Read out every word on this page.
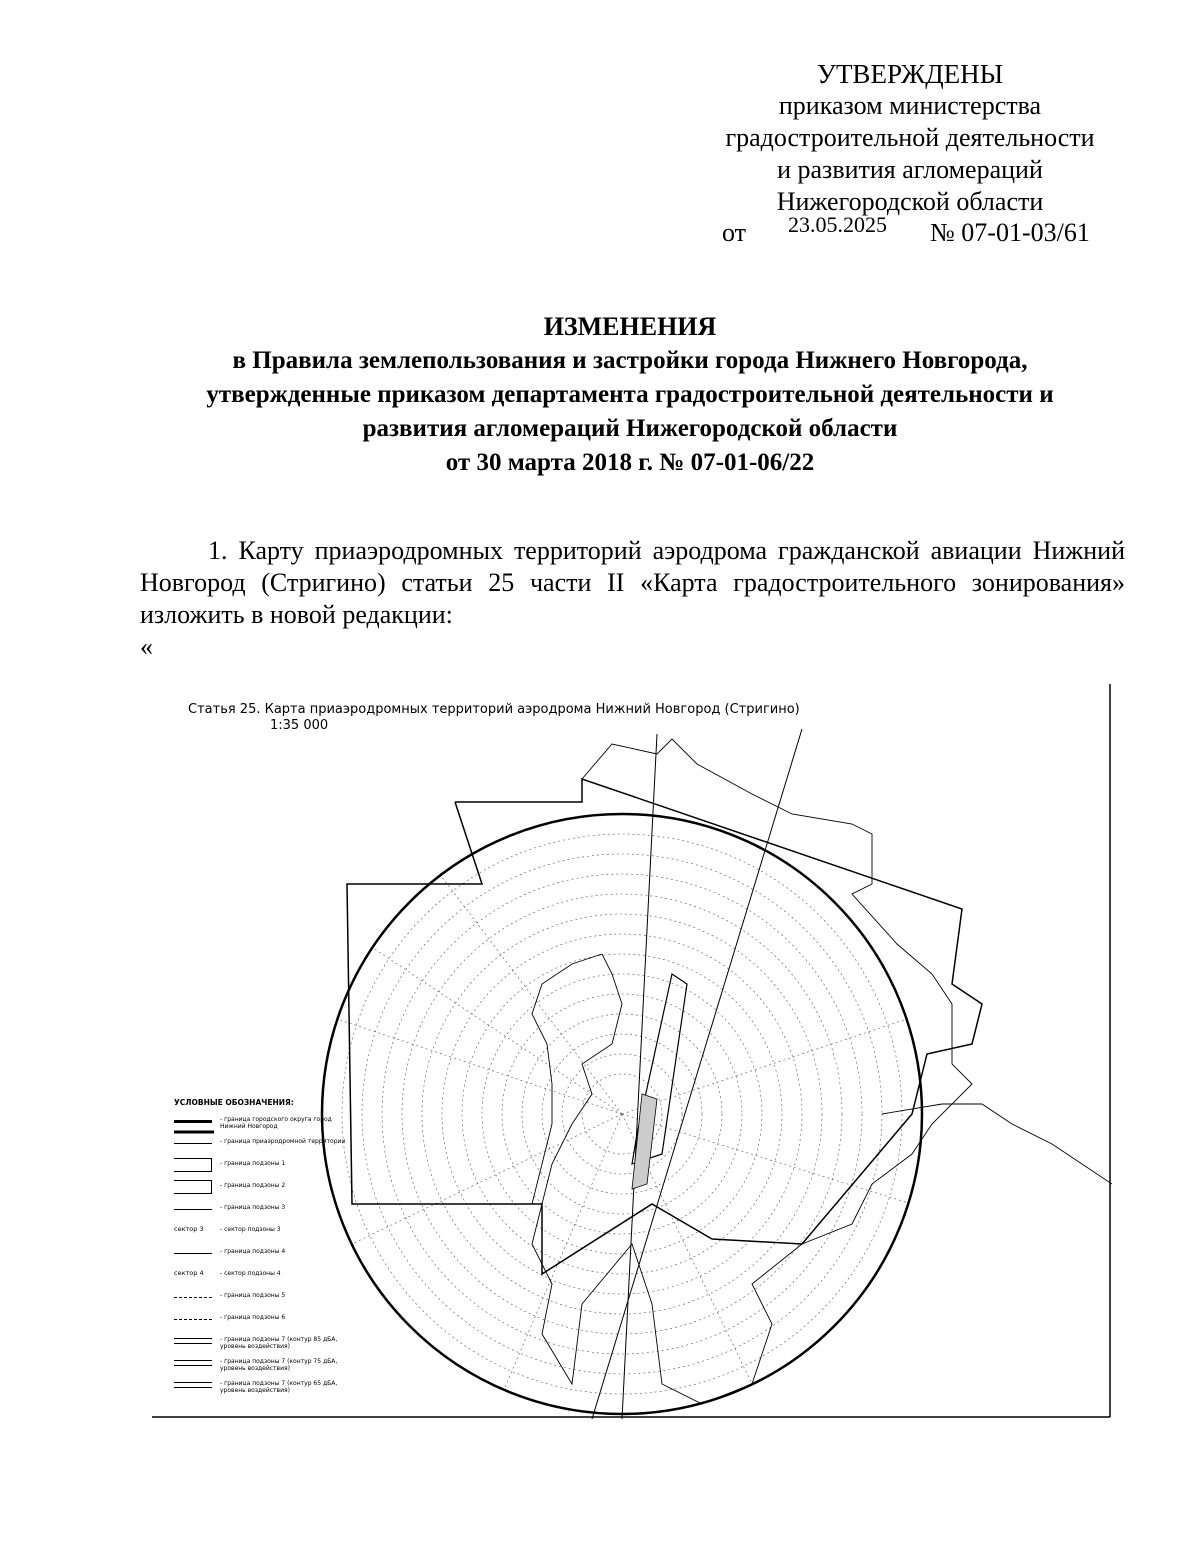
УТВЕРЖДЕНЫ
приказом министерства
градостроительной деятельности
и развития агломераций
Нижегородской области
от 23.05.2025 № 07-01-03/61
ИЗМЕНЕНИЯ
в Правила землепользования и застройки города Нижнего Новгорода,
утвержденные приказом департамента градостроительной деятельности и
развития агломераций Нижегородской области
от 30 марта 2018 г. № 07-01-06/22
1. Карту приаэродромных территорий аэродрома гражданской авиации Нижний Новгород (Стригино) статьи 25 части II «Карта градостроительного зонирования» изложить в новой редакции:
«
Статья 25. Карта приаэродромных территорий аэродрома Нижний Новгород (Стригино)
1:35 000
УСЛОВНЫЕ ОБОЗНАЧЕНИЯ:
- граница городского округа город Нижний Новгород
- граница приаэродромной территории
- граница подзоны 1
- граница подзоны 2
- граница подзоны 3
сектор 3	- сектор подзоны 3
- граница подзоны 4
сектор 4	- сектор подзоны 4
- граница подзоны 5
- граница подзоны 6
- граница подзоны 7 (контур 85 дБА, уровень воздействия)
- граница подзоны 7 (контур 75 дБА, уровень воздействия)
- граница подзоны 7 (контур 65 дБА, уровень воздействия)
